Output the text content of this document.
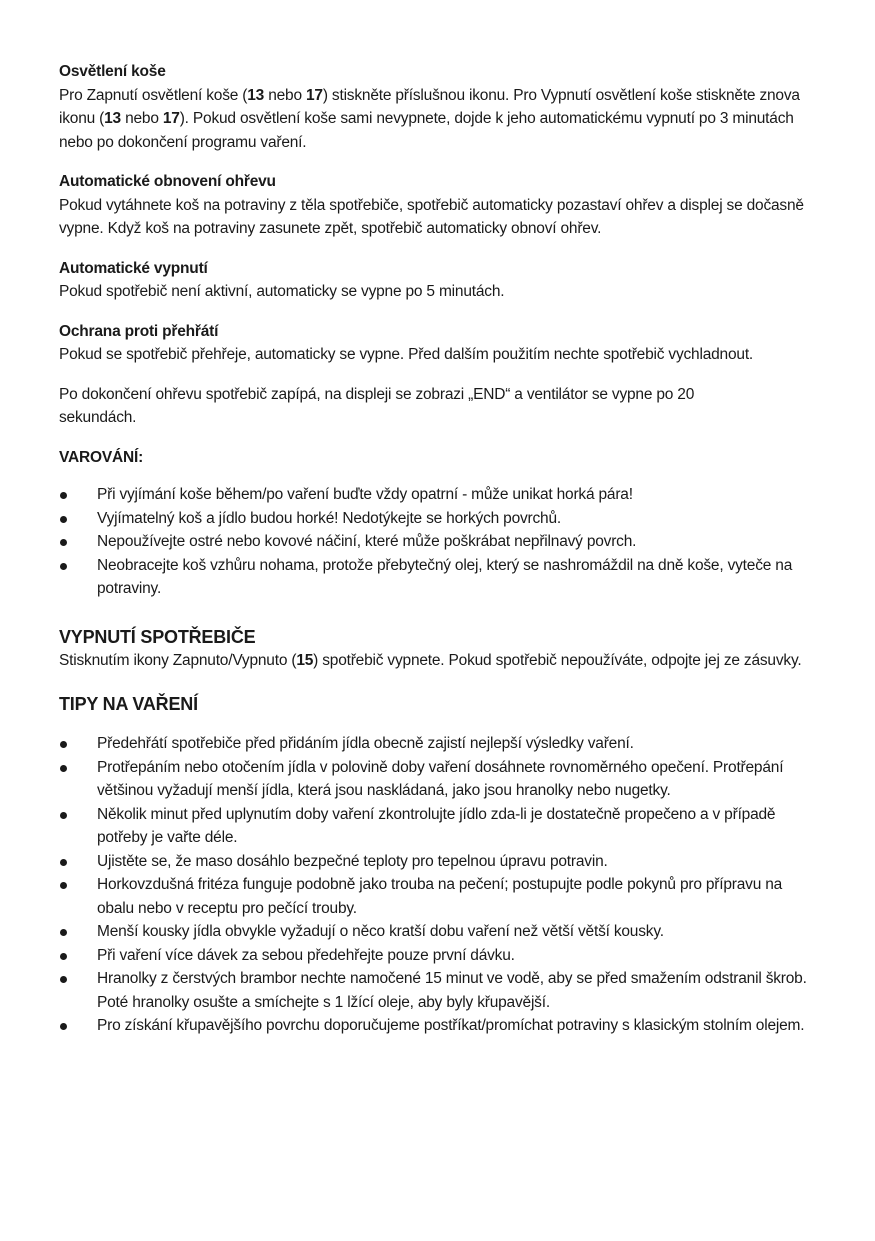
Osvětlení koše

Pro Zapnutí osvětlení koše (13 nebo 17) stiskněte příslušnou ikonu. Pro Vypnutí osvětlení koše stiskněte znova ikonu (13 nebo 17). Pokud osvětlení koše sami nevypnete, dojde k jeho automatickému vypnutí po 3 minutách nebo po dokončení programu vaření.

Automatické obnovení ohřevu

Pokud vytáhnete koš na potraviny z těla spotřebiče, spotřebič automaticky pozastaví ohřev a displej se dočasně vypne. Když koš na potraviny zasunete zpět, spotřebič automaticky obnoví ohřev.

Automatické vypnutí

Pokud spotřebič není aktivní, automaticky se vypne po 5 minutách.

Ochrana proti přehřátí

Pokud se spotřebič přehřeje, automaticky se vypne. Před dalším použitím nechte spotřebič vychladnout.

Po dokončení ohřevu spotřebič zapípá, na displeji se zobrazi „END“ a ventilátor se vypne po 20 sekundách.

VAROVÁNÍ:

Při vyjímání koše během/po vaření buďte vždy opatrní - může unikat horká pára!
Vyjímatelný koš a jídlo budou horké! Nedotýkejte se horkých povrchů.
Nepoužívejte ostré nebo kovové náčiní, které může poškrábat nepřilnavý povrch.
Neobracejte koš vzhůru nohama, protože přebytečný olej, který se nashromáždil na dně koše, vyteče na potraviny.

VYPNUTÍ SPOTŘEBIČE

Stisknutím ikony Zapnuto/Vypnuto (15) spotřebič vypnete. Pokud spotřebič nepoužíváte, odpojte jej ze zásuvky.

TIPY NA VAŘENÍ

Předehřátí spotřebiče před přidáním jídla obecně zajistí nejlepší výsledky vaření.
Protřepáním nebo otočením jídla v polovině doby vaření dosáhnete rovnoměrného opečení. Protřepání většinou vyžadují menší jídla, která jsou naskládaná, jako jsou hranolky nebo nugetky.
Několik minut před uplynutím doby vaření zkontrolujte jídlo zda-li je dostatečně propečeno a v případě potřeby je vařte déle.
Ujistěte se, že maso dosáhlo bezpečné teploty pro tepelnou úpravu potravin.
Horkovzdušná fritéza funguje podobně jako trouba na pečení; postupujte podle pokynů pro přípravu na obalu nebo v receptu pro pečící trouby.
Menší kousky jídla obvykle vyžadují o něco kratší dobu vaření než větší větší kousky.
Při vaření více dávek za sebou předehřejte pouze první dávku.
Hranolky z čerstvých brambor nechte namočené 15 minut ve vodě, aby se před smažením odstranil škrob. Poté hranolky osušte a smíchejte s 1 lžící oleje, aby byly křupavější.
Pro získání křupavějšího povrchu doporučujeme postříkat/promíchat potraviny s klasickým stolním olejem.
